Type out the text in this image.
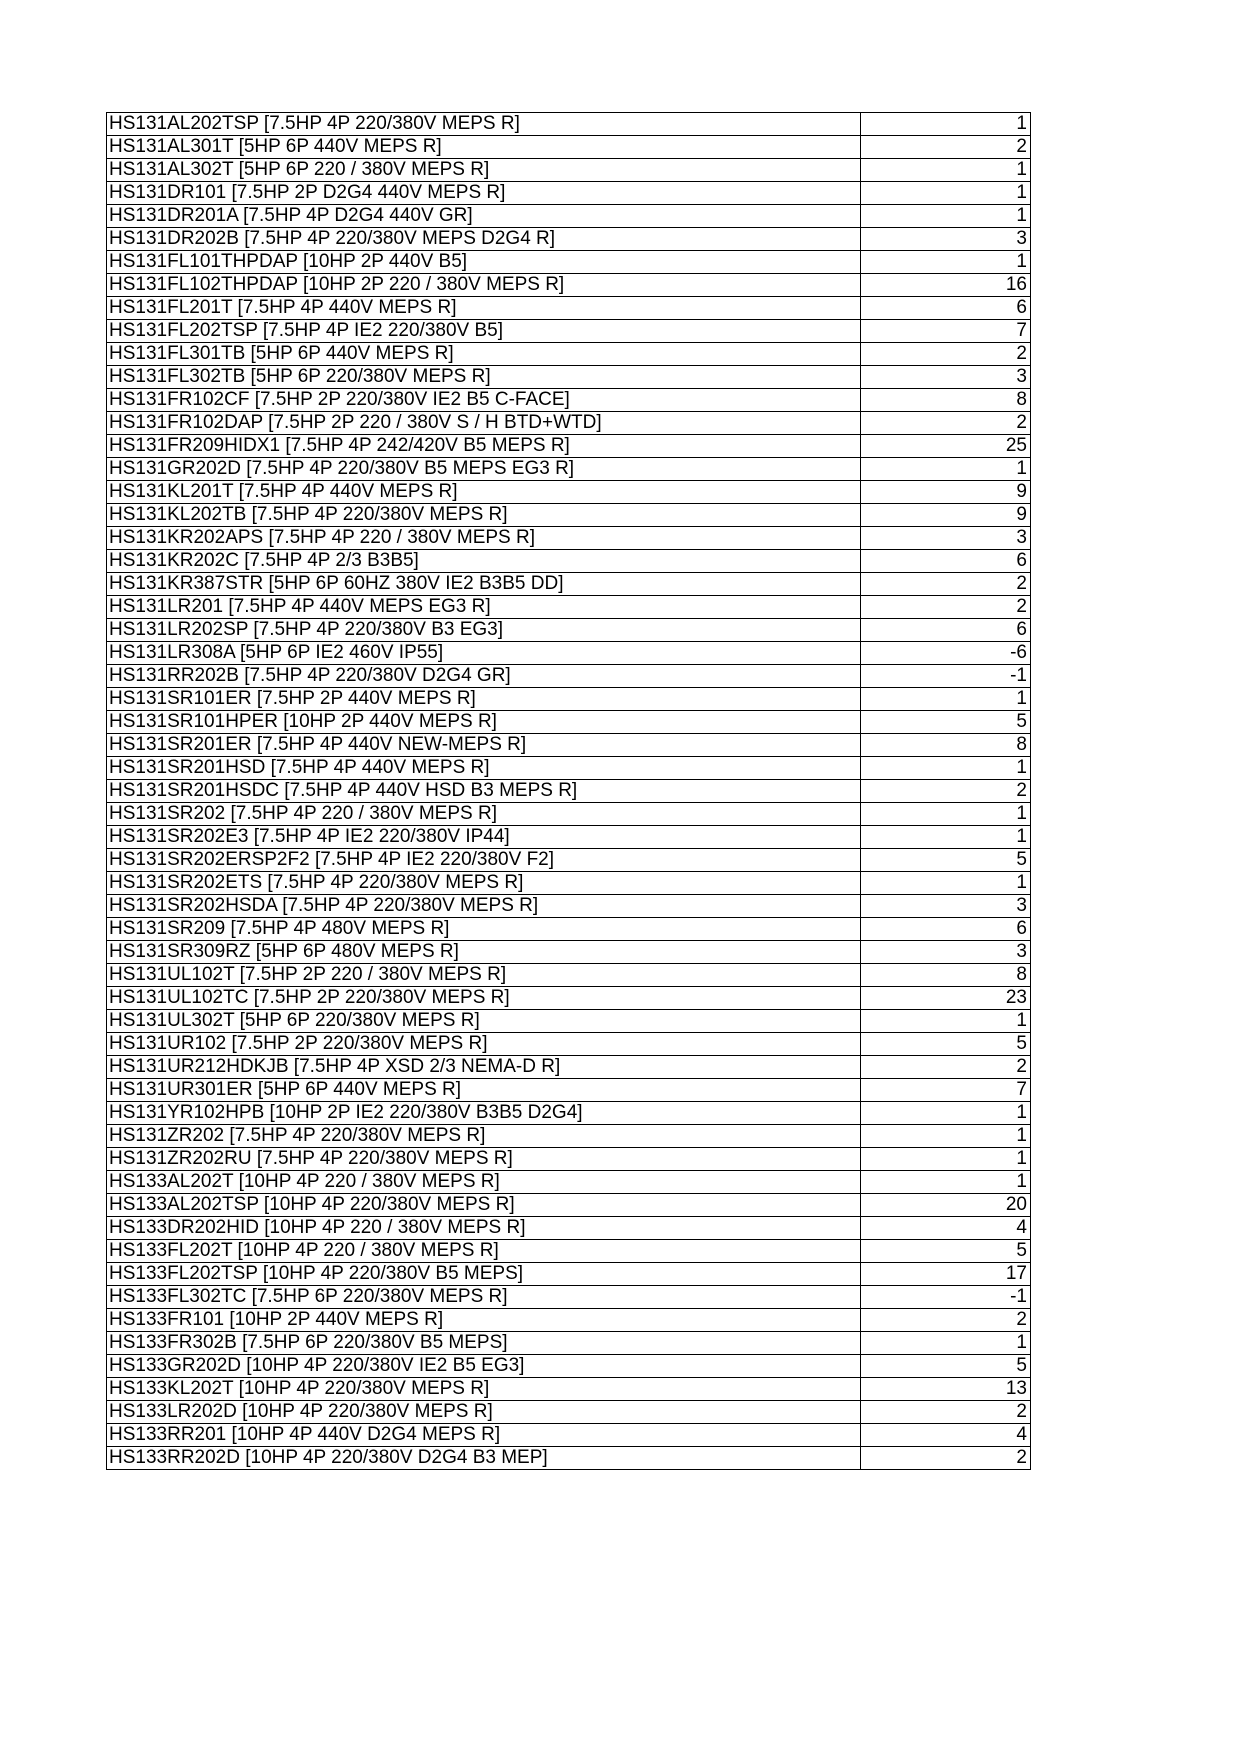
HS131AL202TSP [7.5HP 4P 220/380V MEPS R]	1
HS131AL301T [5HP 6P 440V MEPS R]	2
HS131AL302T [5HP 6P 220 / 380V MEPS R]	1
HS131DR101 [7.5HP 2P D2G4 440V MEPS R]	1
HS131DR201A [7.5HP 4P D2G4 440V GR]	1
HS131DR202B [7.5HP 4P 220/380V MEPS D2G4 R]	3
HS131FL101THPDAP [10HP 2P 440V B5]	1
HS131FL102THPDAP [10HP 2P 220 / 380V MEPS R]	16
HS131FL201T [7.5HP 4P 440V MEPS R]	6
HS131FL202TSP [7.5HP 4P IE2 220/380V B5]	7
HS131FL301TB [5HP 6P 440V MEPS R]	2
HS131FL302TB [5HP 6P 220/380V MEPS R]	3
HS131FR102CF [7.5HP 2P 220/380V IE2 B5 C-FACE]	8
HS131FR102DAP [7.5HP 2P 220 / 380V S / H BTD+WTD]	2
HS131FR209HIDX1 [7.5HP 4P 242/420V B5 MEPS R]	25
HS131GR202D [7.5HP 4P 220/380V B5 MEPS EG3 R]	1
HS131KL201T [7.5HP 4P 440V MEPS R]	9
HS131KL202TB [7.5HP 4P 220/380V MEPS R]	9
HS131KR202APS [7.5HP 4P 220 / 380V MEPS R]	3
HS131KR202C [7.5HP 4P 2/3 B3B5]	6
HS131KR387STR [5HP 6P 60HZ 380V IE2 B3B5 DD]	2
HS131LR201 [7.5HP 4P 440V MEPS EG3 R]	2
HS131LR202SP [7.5HP 4P 220/380V B3 EG3]	6
HS131LR308A [5HP 6P IE2 460V IP55]	-6
HS131RR202B [7.5HP 4P 220/380V D2G4 GR]	-1
HS131SR101ER [7.5HP 2P 440V MEPS R]	1
HS131SR101HPER [10HP 2P 440V MEPS R]	5
HS131SR201ER [7.5HP 4P 440V NEW-MEPS R]	8
HS131SR201HSD [7.5HP 4P 440V MEPS R]	1
HS131SR201HSDC [7.5HP 4P 440V HSD B3 MEPS R]	2
HS131SR202 [7.5HP 4P 220 / 380V MEPS R]	1
HS131SR202E3 [7.5HP 4P IE2 220/380V IP44]	1
HS131SR202ERSP2F2 [7.5HP 4P IE2 220/380V F2]	5
HS131SR202ETS [7.5HP 4P 220/380V MEPS R]	1
HS131SR202HSDA [7.5HP 4P 220/380V MEPS R]	3
HS131SR209 [7.5HP 4P 480V MEPS R]	6
HS131SR309RZ [5HP 6P 480V MEPS R]	3
HS131UL102T [7.5HP 2P 220 / 380V MEPS R]	8
HS131UL102TC [7.5HP 2P 220/380V MEPS R]	23
HS131UL302T [5HP 6P 220/380V MEPS R]	1
HS131UR102 [7.5HP 2P 220/380V MEPS R]	5
HS131UR212HDKJB [7.5HP 4P XSD 2/3 NEMA-D R]	2
HS131UR301ER [5HP 6P 440V MEPS R]	7
HS131YR102HPB [10HP 2P IE2 220/380V B3B5 D2G4]	1
HS131ZR202 [7.5HP 4P 220/380V MEPS R]	1
HS131ZR202RU [7.5HP 4P 220/380V MEPS R]	1
HS133AL202T [10HP 4P 220 / 380V MEPS R]	1
HS133AL202TSP [10HP 4P 220/380V MEPS R]	20
HS133DR202HID [10HP 4P 220 / 380V MEPS R]	4
HS133FL202T [10HP 4P 220 / 380V MEPS R]	5
HS133FL202TSP [10HP 4P 220/380V B5 MEPS]	17
HS133FL302TC [7.5HP 6P 220/380V MEPS R]	-1
HS133FR101 [10HP 2P 440V MEPS R]	2
HS133FR302B [7.5HP 6P 220/380V B5 MEPS]	1
HS133GR202D [10HP 4P 220/380V IE2 B5 EG3]	5
HS133KL202T [10HP 4P 220/380V MEPS R]	13
HS133LR202D [10HP 4P 220/380V MEPS R]	2
HS133RR201 [10HP 4P 440V D2G4 MEPS R]	4
HS133RR202D [10HP 4P 220/380V D2G4 B3 MEP]	2
